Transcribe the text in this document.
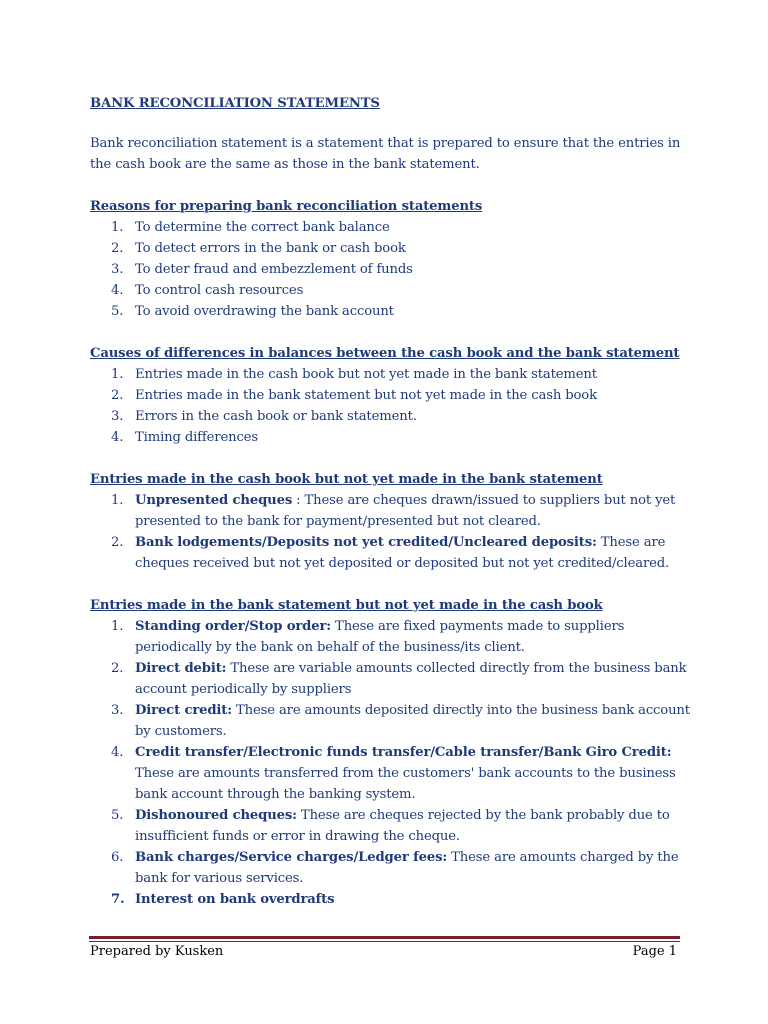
BANK RECONCILIATION STATEMENTS

Bank reconciliation statement is a statement that is prepared to ensure that the entries in the cash book are the same as those in the bank statement.

Reasons for preparing bank reconciliation statements

1. To determine the correct bank balance
2. To detect errors in the bank or cash book
3. To deter fraud and embezzlement of funds
4. To control cash resources
5. To avoid overdrawing the bank account

Causes of differences in balances between the cash book and the bank statement

1. Entries made in the cash book but not yet made in the bank statement
2. Entries made in the bank statement but not yet made in the cash book
3. Errors in the cash book or bank statement.
4. Timing differences

Entries made in the cash book but not yet made in the bank statement

1. Unpresented cheques : These are cheques drawn/issued to suppliers but not yet presented to the bank for payment/presented but not cleared.
2. Bank lodgements/Deposits not yet credited/Uncleared deposits: These are cheques received but not yet deposited or deposited but not yet credited/cleared.

Entries made in the bank statement but not yet made in the cash book

1. Standing order/Stop order: These are fixed payments made to suppliers periodically by the bank on behalf of the business/its client.
2. Direct debit: These are variable amounts collected directly from the business bank account periodically by suppliers
3. Direct credit: These are amounts deposited directly into the business bank account by customers.
4. Credit transfer/Electronic funds transfer/Cable transfer/Bank Giro Credit: These are amounts transferred from the customers' bank accounts to the business bank account through the banking system.
5. Dishonoured cheques: These are cheques rejected by the bank probably due to insufficient funds or error in drawing the cheque.
6. Bank charges/Service charges/Ledger fees: These are amounts charged by the bank for various services.
7. Interest on bank overdrafts
Prepared by Kusken	Page 1
